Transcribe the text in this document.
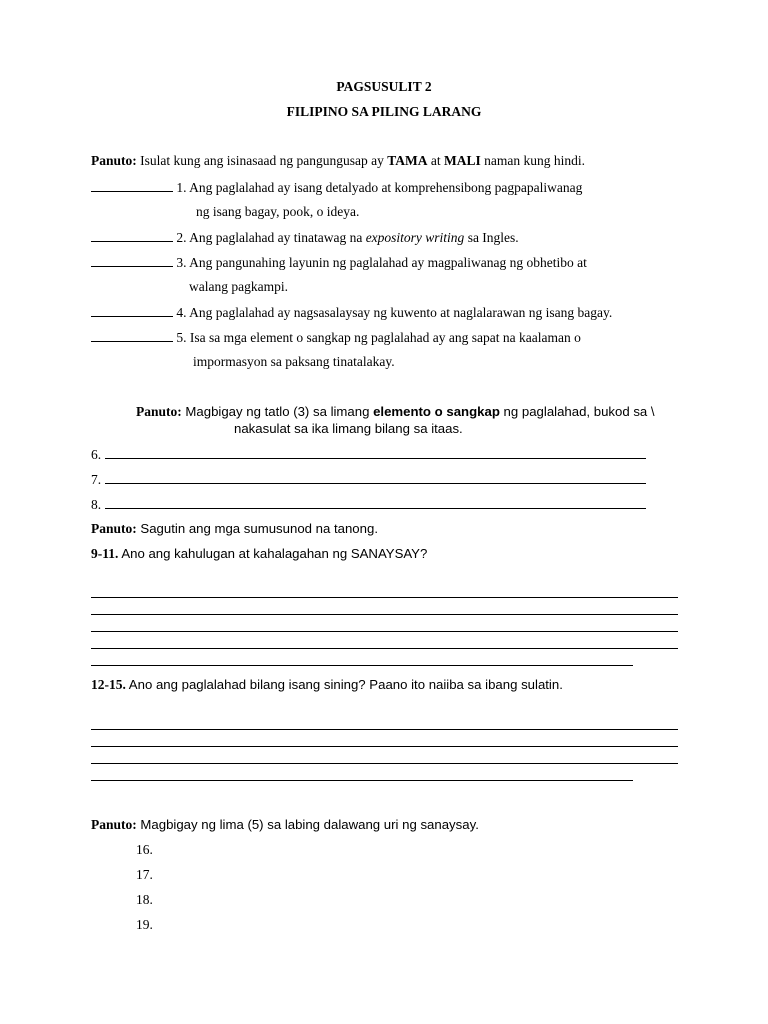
PAGSUSULIT 2
FILIPINO SA PILING LARANG
Panuto: Isulat kung ang isinasaad ng pangungusap ay TAMA at MALI naman kung hindi.
1. Ang paglalahad ay isang detalyado at komprehensibong pagpapaliwanag
ng isang bagay, pook, o ideya.
2. Ang paglalahad ay tinatawag na expository writing sa Ingles.
3. Ang pangunahing layunin ng paglalahad ay magpaliwanag ng obhetibo at
walang pagkampi.
4. Ang paglalahad ay nagsasalaysay ng kuwento at naglalarawan ng isang bagay.
5. Isa sa mga element o sangkap ng paglalahad ay ang sapat na kaalaman o
impormasyon sa paksang tinatalakay.
Panuto: Magbigay ng tatlo (3) sa limang elemento o sangkap ng paglalahad, bukod sa \
nakasulat sa ika limang bilang sa itaas.
6.
7.
8.
Panuto: Sagutin ang mga sumusunod na tanong.
9-11. Ano ang kahulugan at kahalagahan ng SANAYSAY?
12-15. Ano ang paglalahad bilang isang sining? Paano ito naiiba sa ibang sulatin.
Panuto: Magbigay ng lima (5) sa labing dalawang uri ng sanaysay.
16.
17.
18.
19.
